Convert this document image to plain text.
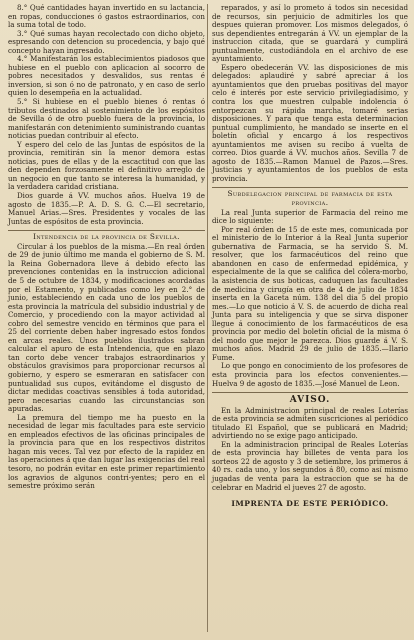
8.° Qué cantidades hayan invertido en su lactancia, en ropas, conducciones ó gastos estraordinarios, con la suma total de todo.

3.° Qué sumas hayan recolectado con dicho objeto, espresando con detencion su procedencia, y bajo qué concepto hayan ingresado.

4.° Manifestarán los establecimientos piadosos que hubiese en el pueblo con aplicacion al socorro de pobres necesitados y desvalidos, sus rentas é inversion, si son ó no de patronato, y en caso de serlo quien lo desempeña en la actualidad.

5.° Si hubiese en el pueblo bienes ó rentas ó tributos destinados al sostenimiento de los espósitos de Sevilla ó de otro pueblo fuera de la provincia, lo manifestarán con detenimiento suministrando cuantas noticias puedan contribuir al efecto.

Y espero del celo de las Juntas de espósitos de la provincia, remitirán sin la menor demora estas noticias, pues de ellas y de la escactitud con que las den dependen forzosamente el definitivo arreglo de un negocio en que tanto se interesa la humanidad, y la verdadera caridad cristiana.

Dios guarde á VV. muchos años. Huelva 19 de agosto de 1835.—P. A. D. S. G. C.—El secretario, Manuel Arias.—Sres. Presidentes y vocales de las Juntas de espósitos de esta provincia.

Intendencia de la provincia de Sevilla.

Circular á los pueblos de la misma.—En real órden de 29 de junio último me manda el gobierno de S. M. la Reina Gobernadora lleve á debido efecto las prevenciones contenidas en la instruccion adicional de 5 de octubre de 1834, y modificaciones acordadas por el Estamento, y publicadas como ley en 2.° de junio, estableciendo en cada uno de los pueblos de esta provincia la matrícula del subsidio industrial y de Comercio, y procediendo con la mayor actividad al cobro del semestre vencido en términos que para el 25 del corriente deben haber ingresado estos fondos en arcas reales. Unos pueblos ilustrados sabran calcular el apuro de esta Intendencia, que en plazo tan corto debe vencer trabajos estraordinarios y obstáculos gravísimos para proporcionar recursos al gobierno, y espero se esmeraran en satisfacer con puntualidad sus cupos, evitándome el disgusto de dictar medidas coactivas sensibles á toda autoridad, pero necesarias cuando las circunstancias son apuradas.

La premura del tiempo me ha puesto en la necesidad de legar mis facultades para este servicio en empleados efectivos de las oficinas principales de la provincia para que en los respectivos distritos hagan mis veces. Tal vez por efecto de la rapidez en las operaciones á que dan lugar las exigencias del real tesoro, no podrán evitar en este primer repartimiento los agravios de algunos contri-yentes; pero en el semestre próximo serán

reparados, y así lo prometo á todos sin necesidad de recursos, sin perjuicio de admitirles los que despues quieran promover. Los mismos delegados, ó sus dependientes entregarán á VV. un ejemplar de la instruccion citada, que se guardará y cumplirá puntualmente, custodiándola en el archivo de ese ayuntamiento.

Espero obedecerán VV. las disposiciones de mis delegados: aplaudiré y sabré apreciar á los ayuntamientos que den pruebas positivas del mayor celo é interés por este servicio privilegiadísimo, y contra los que muestren culpable indolencia ó entorpezcan su rápida marcha, tomaré serias disposiciones. Y para que tenga esta determinacion puntual cumplimiento, he mandado se inserte en el boletín oficial y encargo á los respectivos ayuntamientos me avisen su recibo á vuelta de correo. Dios guarde á VV. muchos años. Sevilla 7 de agosto de 1835.—Ramon Manuel de Pazos.—Sres. Justicias y ayuntamientos de los pueblos de esta provincia.

Subdelegacion principal de farmacia de esta provincia.

La real Junta superior de Farmacia del reino me dice lo siguiente:

Por real órden de 15 de este mes, comunicada por el ministerio de lo Interior á la Real Junta superior gubernativa de Farmacia, se ha servido S. M. resolver, que los farmacéuticos del reino que abandonen en caso de enfermedad epidémica, y especialmente de la que se califica del cólera-morbo, la asistencia de sus boticas, caduquen las facultades de medicina y cirugía en otra de 4 de julio de 1834 inserta en la Gaceta núm. 138 del dia 5 del propio mes.—Lo que noticio á V. S. de acuerdo de dicha real Junta para su inteligencia y que se sirva disponer llegue á conocimiento de los farmacéuticos de esa provincia por medio del boletín oficial de la misma ó del modo que mejor le parezca. Dios guarde á V. S. muchos años. Madrid 29 de julio de 1835.—Ilario Fume.

Lo que pongo en conocimiento de los profesores de esta provincia para los efectos convenientes.— Huelva 9 de agosto de 1835.—José Manuel de Leon.

AVISO.

En la Administracion principal de reales Loterías de esta provincia se admiten suscriciones al periódico titulado El Español, que se publicará en Madrid; advirtiendo no se exige pago anticipado.

En la administracion principal de Reales Loterías de esta provincia hay billetes de venta para los sorteos 22 de agosto y 3 de setiembre, los primeros á 40 rs. cada uno, y los segundos á 80, como así mismo jugadas de venta para la estraccion que se ha de celebrar en Madrid el jueves 27 de agosto.

IMPRENTA DE ESTE PERIÓDICO.
